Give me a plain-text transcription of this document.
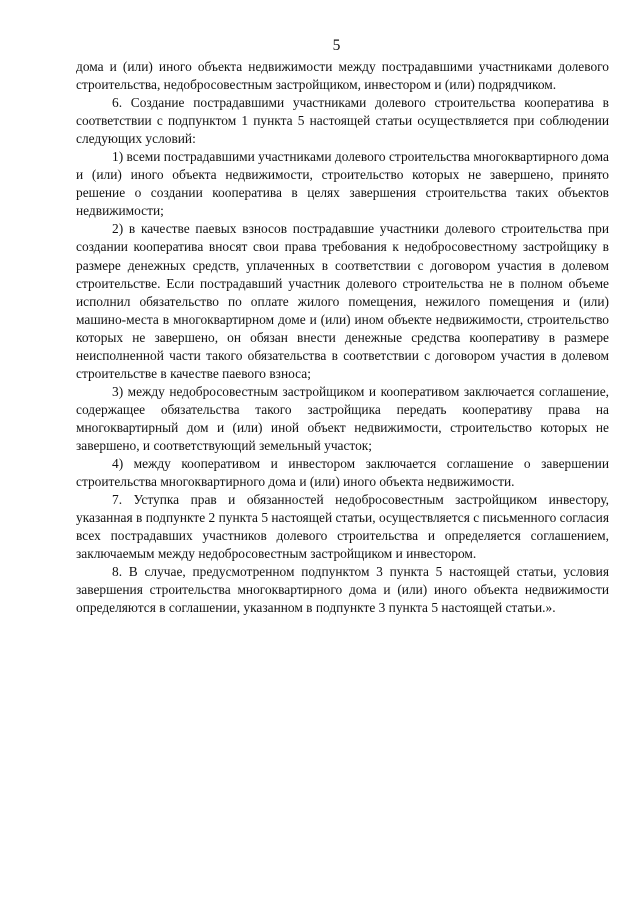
5

дома и (или) иного объекта недвижимости между пострадавшими участниками долевого строительства, недобросовестным застройщиком, инвестором и (или) подрядчиком.

6. Создание пострадавшими участниками долевого строительства кооператива в соответствии с подпунктом 1 пункта 5 настоящей статьи осуществляется при соблюдении следующих условий:

1) всеми пострадавшими участниками долевого строительства многоквартирного дома и (или) иного объекта недвижимости, строительство которых не завершено, принято решение о создании кооператива в целях завершения строительства таких объектов недвижимости;

2) в качестве паевых взносов пострадавшие участники долевого строительства при создании кооператива вносят свои права требования к недобросовестному застройщику в размере денежных средств, уплаченных в соответствии с договором участия в долевом строительстве. Если пострадавший участник долевого строительства не в полном объеме исполнил обязательство по оплате жилого помещения, нежилого помещения и (или) машино-места в многоквартирном доме и (или) ином объекте недвижимости, строительство которых не завершено, он обязан внести денежные средства кооперативу в размере неисполненной части такого обязательства в соответствии с договором участия в долевом строительстве в качестве паевого взноса;

3) между недобросовестным застройщиком и кооперативом заключается соглашение, содержащее обязательства такого застройщика передать кооперативу права на многоквартирный дом и (или) иной объект недвижимости, строительство которых не завершено, и соответствующий земельный участок;

4) между кооперативом и инвестором заключается соглашение о завершении строительства многоквартирного дома и (или) иного объекта недвижимости.

7. Уступка прав и обязанностей недобросовестным застройщиком инвестору, указанная в подпункте 2 пункта 5 настоящей статьи, осуществляется с письменного согласия всех пострадавших участников долевого строительства и определяется соглашением, заключаемым между недобросовестным застройщиком и инвестором.

8. В случае, предусмотренном подпунктом 3 пункта 5 настоящей статьи, условия завершения строительства многоквартирного дома и (или) иного объекта недвижимости определяются в соглашении, указанном в подпункте 3 пункта 5 настоящей статьи.».
